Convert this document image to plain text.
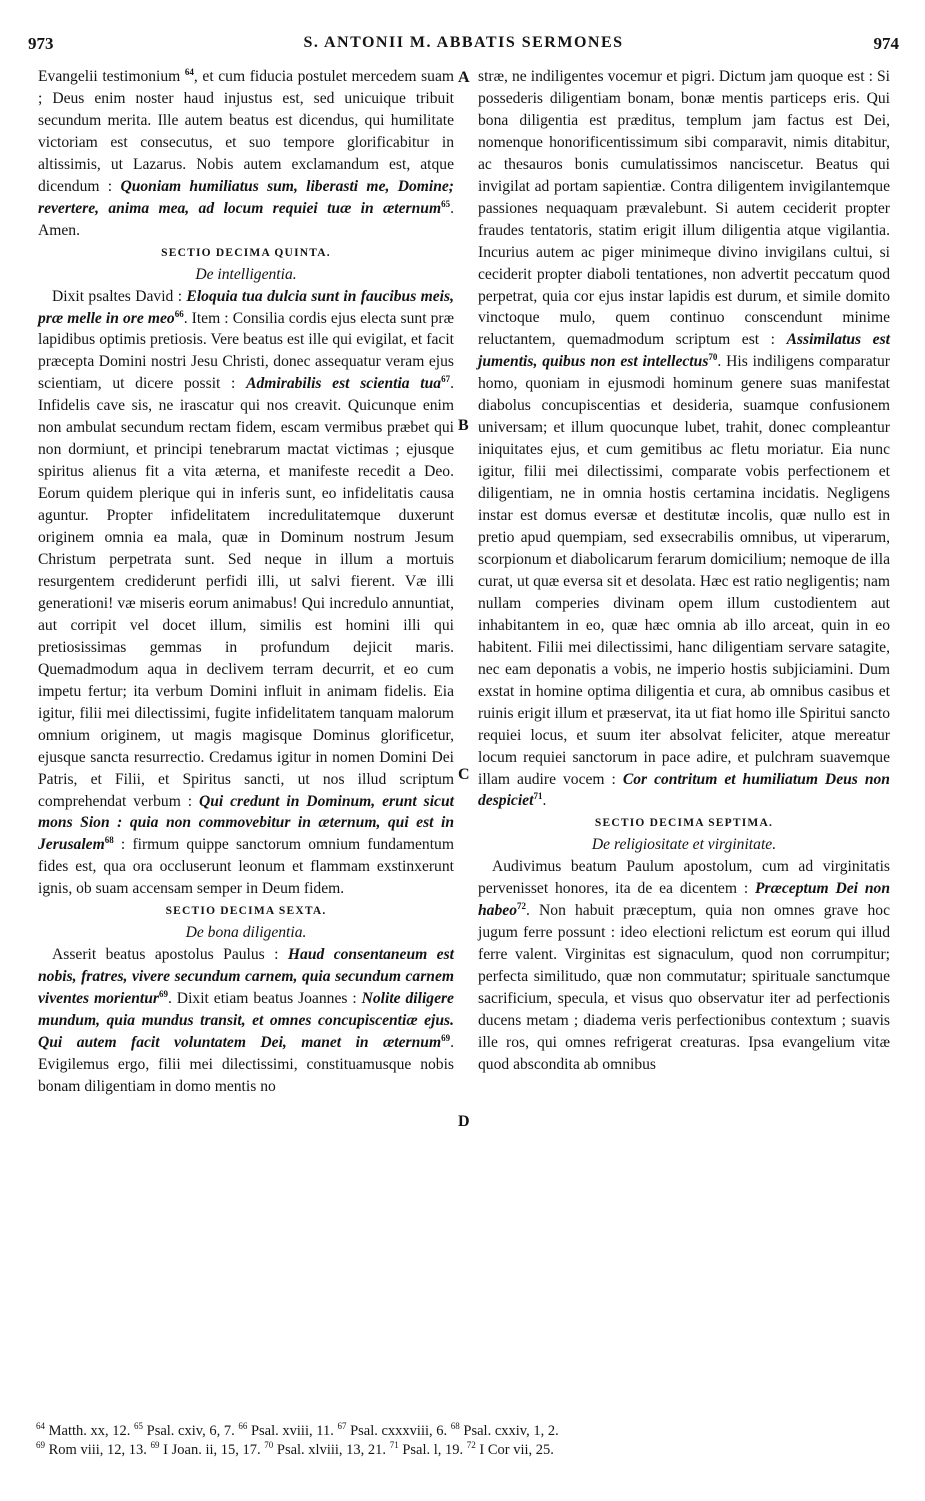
973	S. ANTONII M. ABBATIS SERMONES	974
A
B
C
D

Evangelii testimonium $^{64}$, et cum fiducia postulet mercedem suam ; Deus enim noster haud injustus est, sed unicuique tribuit secundum merita. Ille autem beatus est dicendus, qui humilitate victoriam est consecutus, et suo tempore glorificabitur in altissimis, ut Lazarus. Nobis autem exclamandum est, atque dicendum : Quoniam humiliatus sum, liberasti me, Domine; revertere, anima mea, ad locum requiei tuæ in æternum$^{65}$. Amen.

SECTIO DECIMA QUINTA.

De intelligentia.

Dixit psaltes David : Eloquia tua dulcia sunt in faucibus meis, præ melle in ore meo$^{66}$. Item : Consilia cordis ejus electa sunt præ lapidibus optimis pretiosis. Vere beatus est ille qui evigilat, et facit præcepta Domini nostri Jesu Christi, donec assequatur veram ejus scientiam, ut dicere possit : Admirabilis est scientia tua$^{67}$. Infidelis cave sis, ne irascatur qui nos creavit. Quicunque enim non ambulat secundum rectam fidem, escam vermibus præbet qui non dormiunt, et principi tenebrarum mactat victimas ; ejusque spiritus alienus fit a vita æterna, et manifeste recedit a Deo. Eorum quidem plerique qui in inferis sunt, eo infidelitatis causa aguntur. Propter infidelitatem incredulitatemque duxerunt originem omnia ea mala, quæ in Dominum nostrum Jesum Christum perpetrata sunt. Sed neque in illum a mortuis resurgentem crediderunt perfidi illi, ut salvi fierent. Væ illi generationi! væ miseris eorum animabus! Qui incredulo annuntiat, aut corripit vel docet illum, similis est homini illi qui pretiosissimas gemmas in profundum dejicit maris. Quemadmodum aqua in declivem terram decurrit, et eo cum impetu fertur; ita verbum Domini influit in animam fidelis. Eia igitur, filii mei dilectissimi, fugite infidelitatem tanquam malorum omnium originem, ut magis magisque Dominus glorificetur, ejusque sancta resurrectio. Credamus igitur in nomen Domini Dei Patris, et Filii, et Spiritus sancti, ut nos illud scriptum comprehendat verbum : Qui credunt in Dominum, erunt sicut mons Sion : quia non commovebitur in æternum, qui est in Jerusalem$^{68}$ : firmum quippe sanctorum omnium fundamentum fides est, qua ora occluserunt leonum et flammam exstinxerunt ignis, ob suam accensam semper in Deum fidem.

SECTIO DECIMA SEXTA.

De bona diligentia.

Asserit beatus apostolus Paulus : Haud consentaneum est nobis, fratres, vivere secundum carnem, quia secundum carnem viventes morientur$^{69}$. Dixit etiam beatus Joannes : Nolite diligere mundum, quia mundus transit, et omnes concupiscentiæ ejus. Qui autem facit voluntatem Dei, manet in æternum$^{69}$. Evigilemus ergo, filii mei dilectissimi, constituamusque nobis bonam diligentiam in domo mentis no

stræ, ne indiligentes vocemur et pigri. Dictum jam quoque est : Si possederis diligentiam bonam, bonæ mentis particeps eris. Qui bona diligentia est præditus, templum jam factus est Dei, nomenque honorificentissimum sibi comparavit, nimis ditabitur, ac thesauros bonis cumulatissimos nanciscetur. Beatus qui invigilat ad portam sapientiæ. Contra diligentem invigilantemque passiones nequaquam prævalebunt. Si autem ceciderit propter fraudes tentatoris, statim erigit illum diligentia atque vigilantia. Incurius autem ac piger minimeque divino invigilans cultui, si ceciderit propter diaboli tentationes, non advertit peccatum quod perpetrat, quia cor ejus instar lapidis est durum, et simile domito vinctoque mulo, quem continuo conscendunt minime reluctantem, quemadmodum scriptum est : Assimilatus est jumentis, quibus non est intellectus$^{70}$. His indiligens comparatur homo, quoniam in ejusmodi hominum genere suas manifestat diabolus concupiscentias et desideria, suamque confusionem universam; et illum quocunque lubet, trahit, donec compleantur iniquitates ejus, et cum gemitibus ac fletu moriatur. Eia nunc igitur, filii mei dilectissimi, comparate vobis perfectionem et diligentiam, ne in omnia hostis certamina incidatis. Negligens instar est domus eversæ et destitutæ incolis, quæ nullo est in pretio apud quempiam, sed exsecrabilis omnibus, ut viperarum, scorpionum et diabolicarum ferarum domicilium; nemoque de illa curat, ut quæ eversa sit et desolata. Hæc est ratio negligentis; nam nullam comperies divinam opem illum custodientem aut inhabitantem in eo, quæ hæc omnia ab illo arceat, quin in eo habitent. Filii mei dilectissimi, hanc diligentiam servare satagite, nec eam deponatis a vobis, ne imperio hostis subjiciamini. Dum exstat in homine optima diligentia et cura, ab omnibus casibus et ruinis erigit illum et præservat, ita ut fiat homo ille Spiritui sancto requiei locus, et suum iter absolvat feliciter, atque mereatur locum requiei sanctorum in pace adire, et pulchram suavemque illam audire vocem : Cor contritum et humiliatum Deus non despiciet$^{71}$.

SECTIO DECIMA SEPTIMA.

De religiositate et virginitate.

Audivimus beatum Paulum apostolum, cum ad virginitatis pervenisset honores, ita de ea dicentem : Præceptum Dei non habeo$^{72}$. Non habuit præceptum, quia non omnes grave hoc jugum ferre possunt : ideo electioni relictum est eorum qui illud ferre valent. Virginitas est signaculum, quod non corrumpitur; perfecta similitudo, quæ non commutatur; spirituale sanctumque sacrificium, specula, et visus quo observatur iter ad perfectionis ducens metam ; diadema veris perfectionibus contextum ; suavis ille ros, qui omnes refrigerat creaturas. Ipsa evangelium vitæ quod abscondita ab omnibus

$^{64}$ Matth. xx, 12. $^{65}$ Psal. cxiv, 6, 7. $^{66}$ Psal. xviii, 11. $^{67}$ Psal. cxxxviii, 6. $^{68}$ Psal. cxxiv, 1, 2.
$^{69}$ Rom viii, 12, 13. $^{69}$ I Joan. ii, 15, 17. $^{70}$ Psal. xlviii, 13, 21. $^{71}$ Psal. l, 19. $^{72}$ I Cor vii, 25.
